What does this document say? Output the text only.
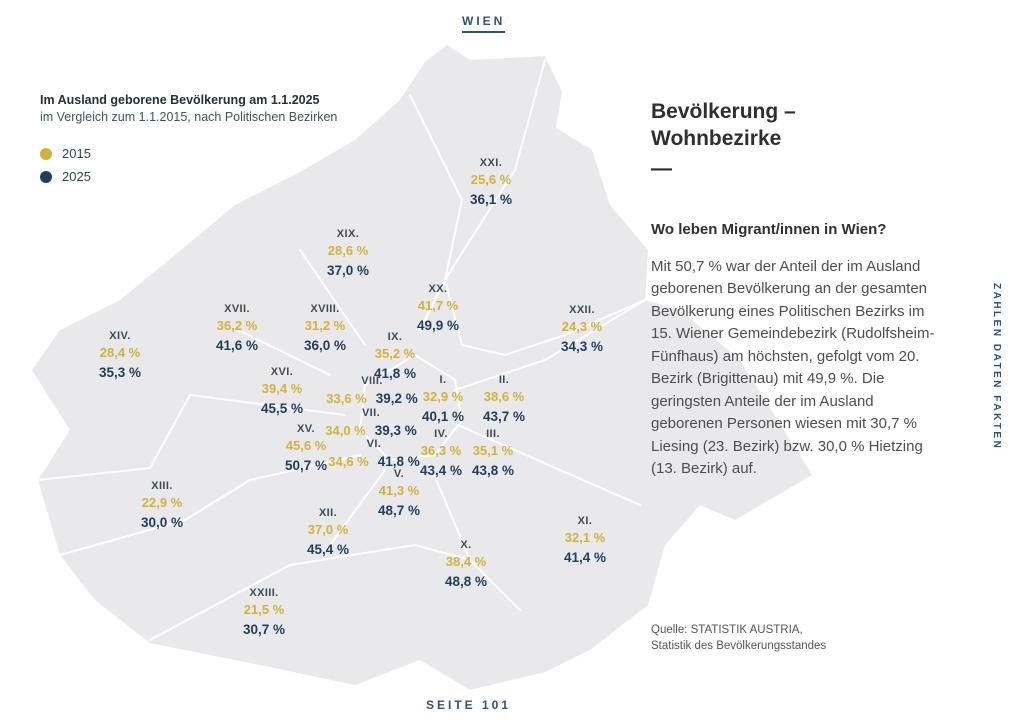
WIEN
SEITE 101
ZAHLEN DATEN FAKTEN
Im Ausland geborene Bevölkerung am 1.1.2025
im Vergleich zum 1.1.2015, nach Politischen Bezirken
2015
2025
I.
32,9 %
40,1 %
II.
38,6 %
43,7 %
III.
35,1 %
43,8 %
IV.
36,3 %
43,4 %
V.
41,3 %
48,7 %
VI.
34,6 % 41,8 %
VII.
34,0 % 39,3 %
VIII.
33,6 % 39,2 %
IX.
35,2 %
41,8 %
X.
38,4 %
48,8 %
XI.
32,1 %
41,4 %
XII.
37,0 %
45,4 %
XIII.
22,9 %
30,0 %
XIV.
28,4 %
35,3 %
XV.
45,6 %
50,7 %
XVI.
39,4 %
45,5 %
XVII.
36,2 %
41,6 %
XVIII.
31,2 %
36,0 %
XIX.
28,6 %
37,0 %
XX.
41,7 %
49,9 %
XXI.
25,6 %
36,1 %
XXII.
24,3 %
34,3 %
XXIII.
21,5 %
30,7 %
Bevölkerung –
Wohnbezirke
—
Wo leben Migrant/innen in Wien?
Mit 50,7 % war der Anteil der im Ausland geborenen Bevölkerung an der gesamten Bevölkerung eines Politischen Bezirks im 15. Wiener Gemeindebezirk (Rudolfsheim-Fünfhaus) am höchsten, gefolgt vom 20. Bezirk (Brigittenau) mit 49,9 %. Die geringsten Anteile der im Ausland geborenen Personen wiesen mit 30,7 % Liesing (23. Bezirk) bzw. 30,0 % Hietzing (13. Bezirk) auf.
Quelle: STATISTIK AUSTRIA,
Statistik des Bevölkerungsstandes
